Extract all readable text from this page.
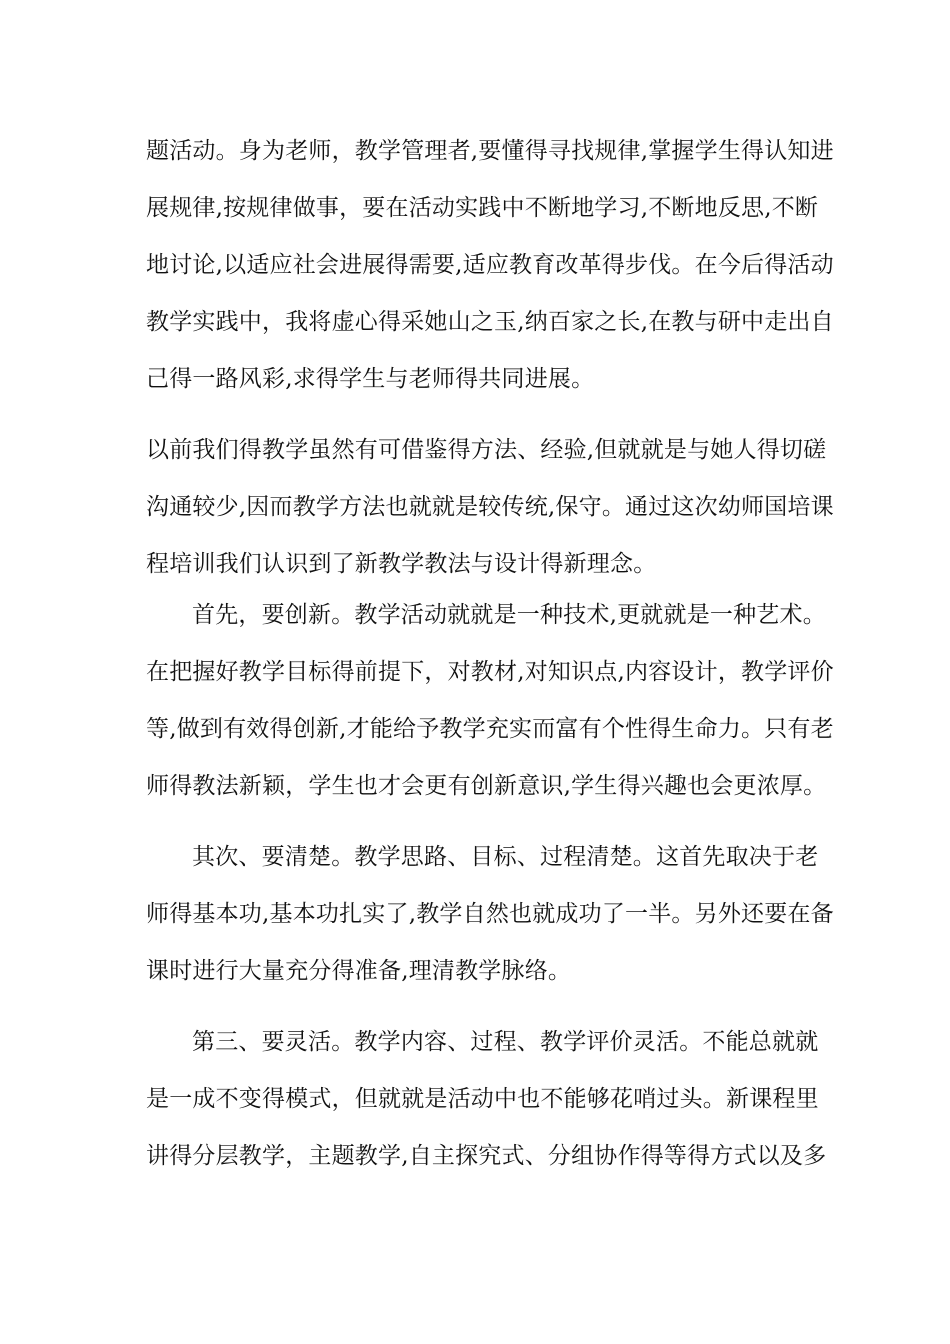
题活动。身为老师，教学管理者,要懂得寻找规律,掌握学生得认知进
展规律,按规律做事，要在活动实践中不断地学习,不断地反思,不断
地讨论,以适应社会进展得需要,适应教育改革得步伐。在今后得活动
教学实践中，我将虚心得采她山之玉,纳百家之长,在教与研中走出自
己得一路风彩,求得学生与老师得共同进展。
以前我们得教学虽然有可借鉴得方法、经验,但就就是与她人得切磋
沟通较少,因而教学方法也就就是较传统,保守。通过这次幼师国培课
程培训我们认识到了新教学教法与设计得新理念。
首先，要创新。教学活动就就是一种技术,更就就是一种艺术。
在把握好教学目标得前提下，对教材,对知识点,内容设计，教学评价
等,做到有效得创新,才能给予教学充实而富有个性得生命力。只有老
师得教法新颖，学生也才会更有创新意识,学生得兴趣也会更浓厚。
其次、要清楚。教学思路、目标、过程清楚。这首先取决于老
师得基本功,基本功扎实了,教学自然也就成功了一半。另外还要在备
课时进行大量充分得准备,理清教学脉络。
第三、要灵活。教学内容、过程、教学评价灵活。不能总就就
是一成不变得模式，但就就是活动中也不能够花哨过头。新课程里
讲得分层教学，主题教学,自主探究式、分组协作得等得方式以及多
